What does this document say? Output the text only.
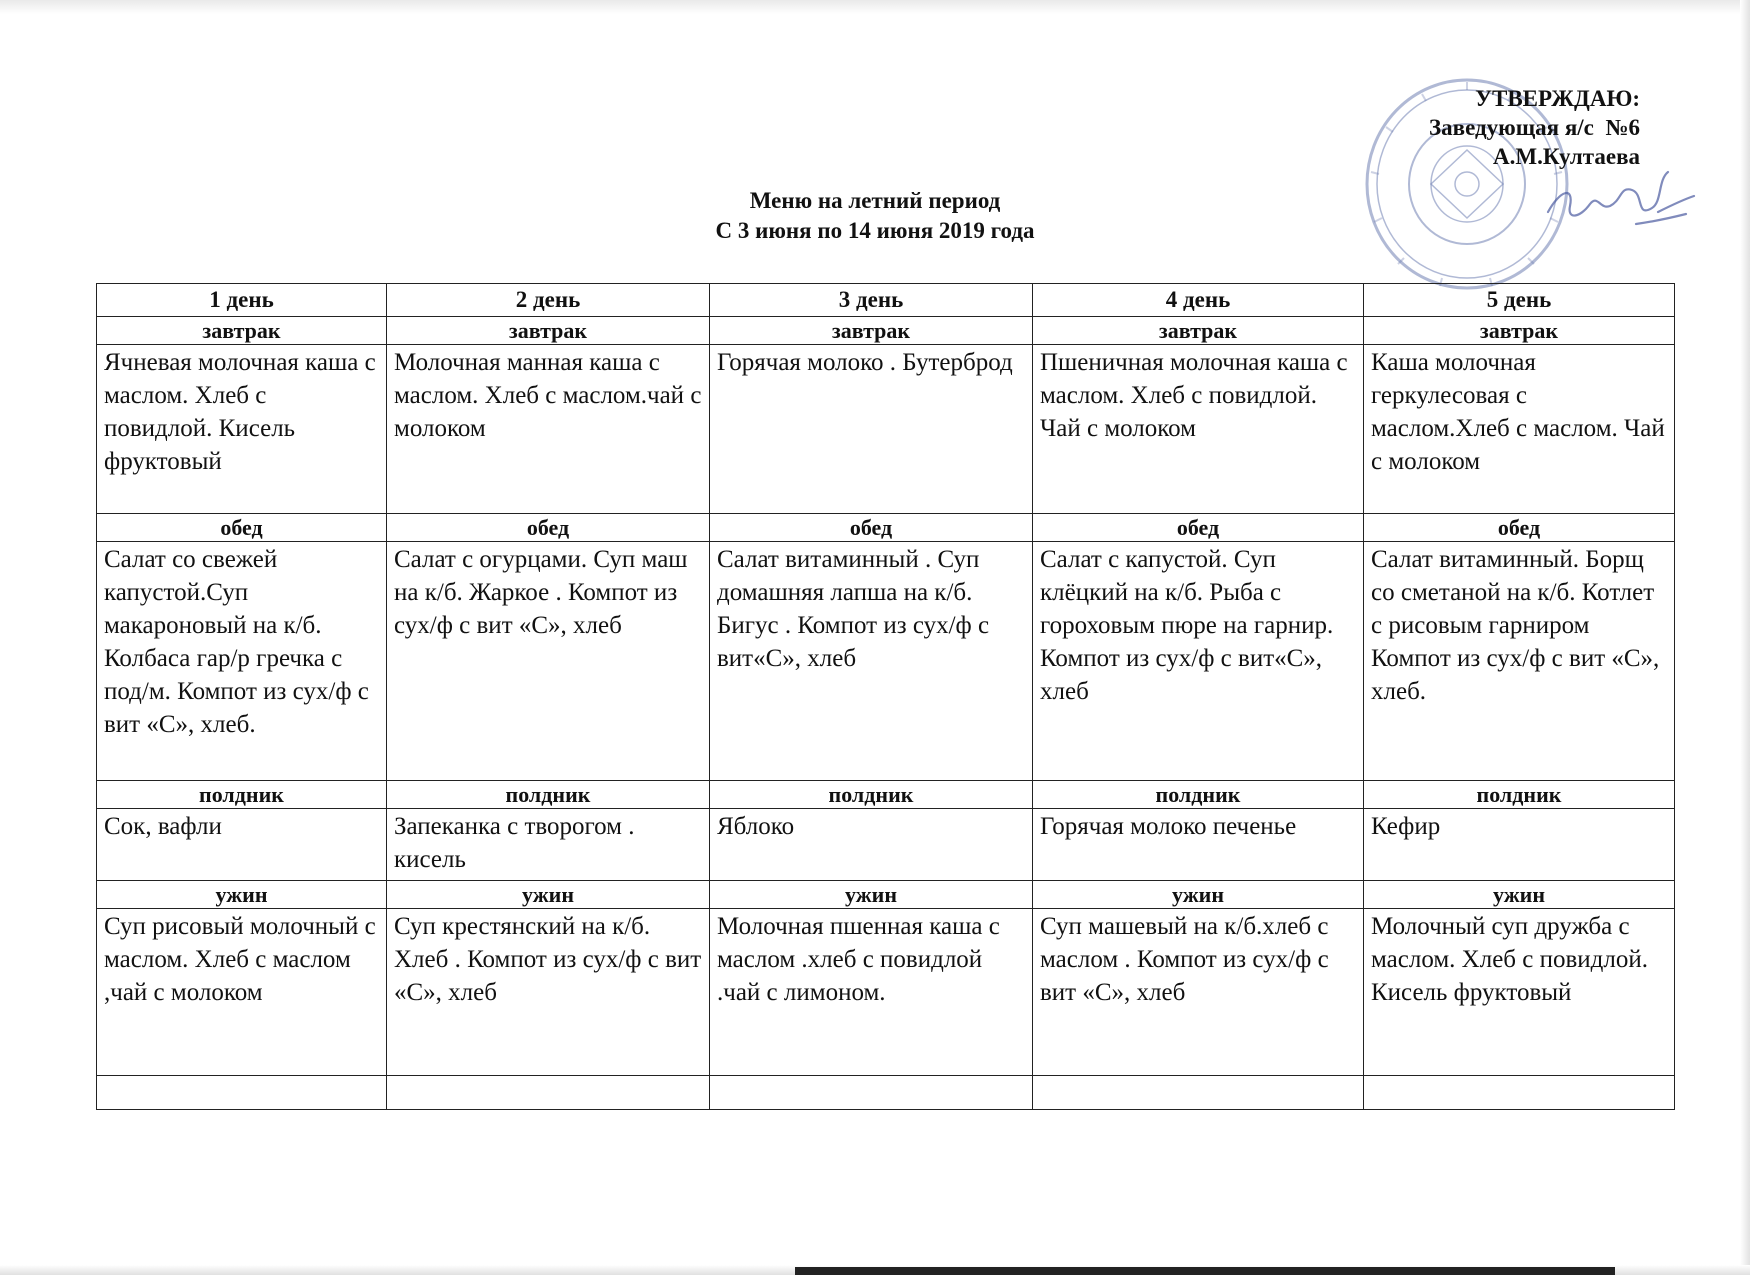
УТВЕРЖДАЮ:
Заведующая я/с  №6
А.М.Култаева
Меню на летний период
С 3 июня по 14 июня 2019 года
1 день	2 день	3 день	4 день	5 день
завтрак	завтрак	завтрак	завтрак	завтрак
Ячневая молочная каша с маслом. Хлеб с повидлой. Кисель фруктовый	Молочная манная каша с маслом. Хлеб с маслом.чай с молоком	Горячая молоко . Бутерброд	Пшеничная молочная каша с маслом. Хлеб с повидлой. Чай с молоком	Каша молочная геркулесовая с маслом.Хлеб с маслом. Чай с молоком
обед	обед	обед	обед	обед
Салат со свежей капустой.Суп макароновый на к/б. Колбаса гар/р гречка с под/м. Компот из сух/ф с вит «С», хлеб.	Салат с огурцами. Суп маш на к/б. Жаркое . Компот из сух/ф с вит «С», хлеб	Салат витаминный . Суп домашняя лапша на к/б. Бигус . Компот из сух/ф с вит«С», хлеб	Салат с капустой. Суп клёцкий на к/б. Рыба с гороховым пюре на гарнир. Компот из сух/ф с вит«С», хлеб	Салат витаминный. Борщ со сметаной на к/б. Котлет с рисовым гарниром Компот из сух/ф с вит «С», хлеб.
полдник	полдник	полдник	полдник	полдник
Сок, вафли	Запеканка с творогом . кисель	Яблоко	Горячая молоко печенье	Кефир
ужин	ужин	ужин	ужин	ужин
Суп рисовый молочный с маслом. Хлеб с маслом ,чай с молоком	Суп крестянский на к/б. Хлеб . Компот из сух/ф с вит «С», хлеб	Молочная пшенная каша с маслом .хлеб с повидлой .чай с лимоном.	Суп машевый на к/б.хлеб с маслом . Компот из сух/ф с вит «С», хлеб	Молочный суп дружба с маслом. Хлеб с повидлой. Кисель фруктовый
